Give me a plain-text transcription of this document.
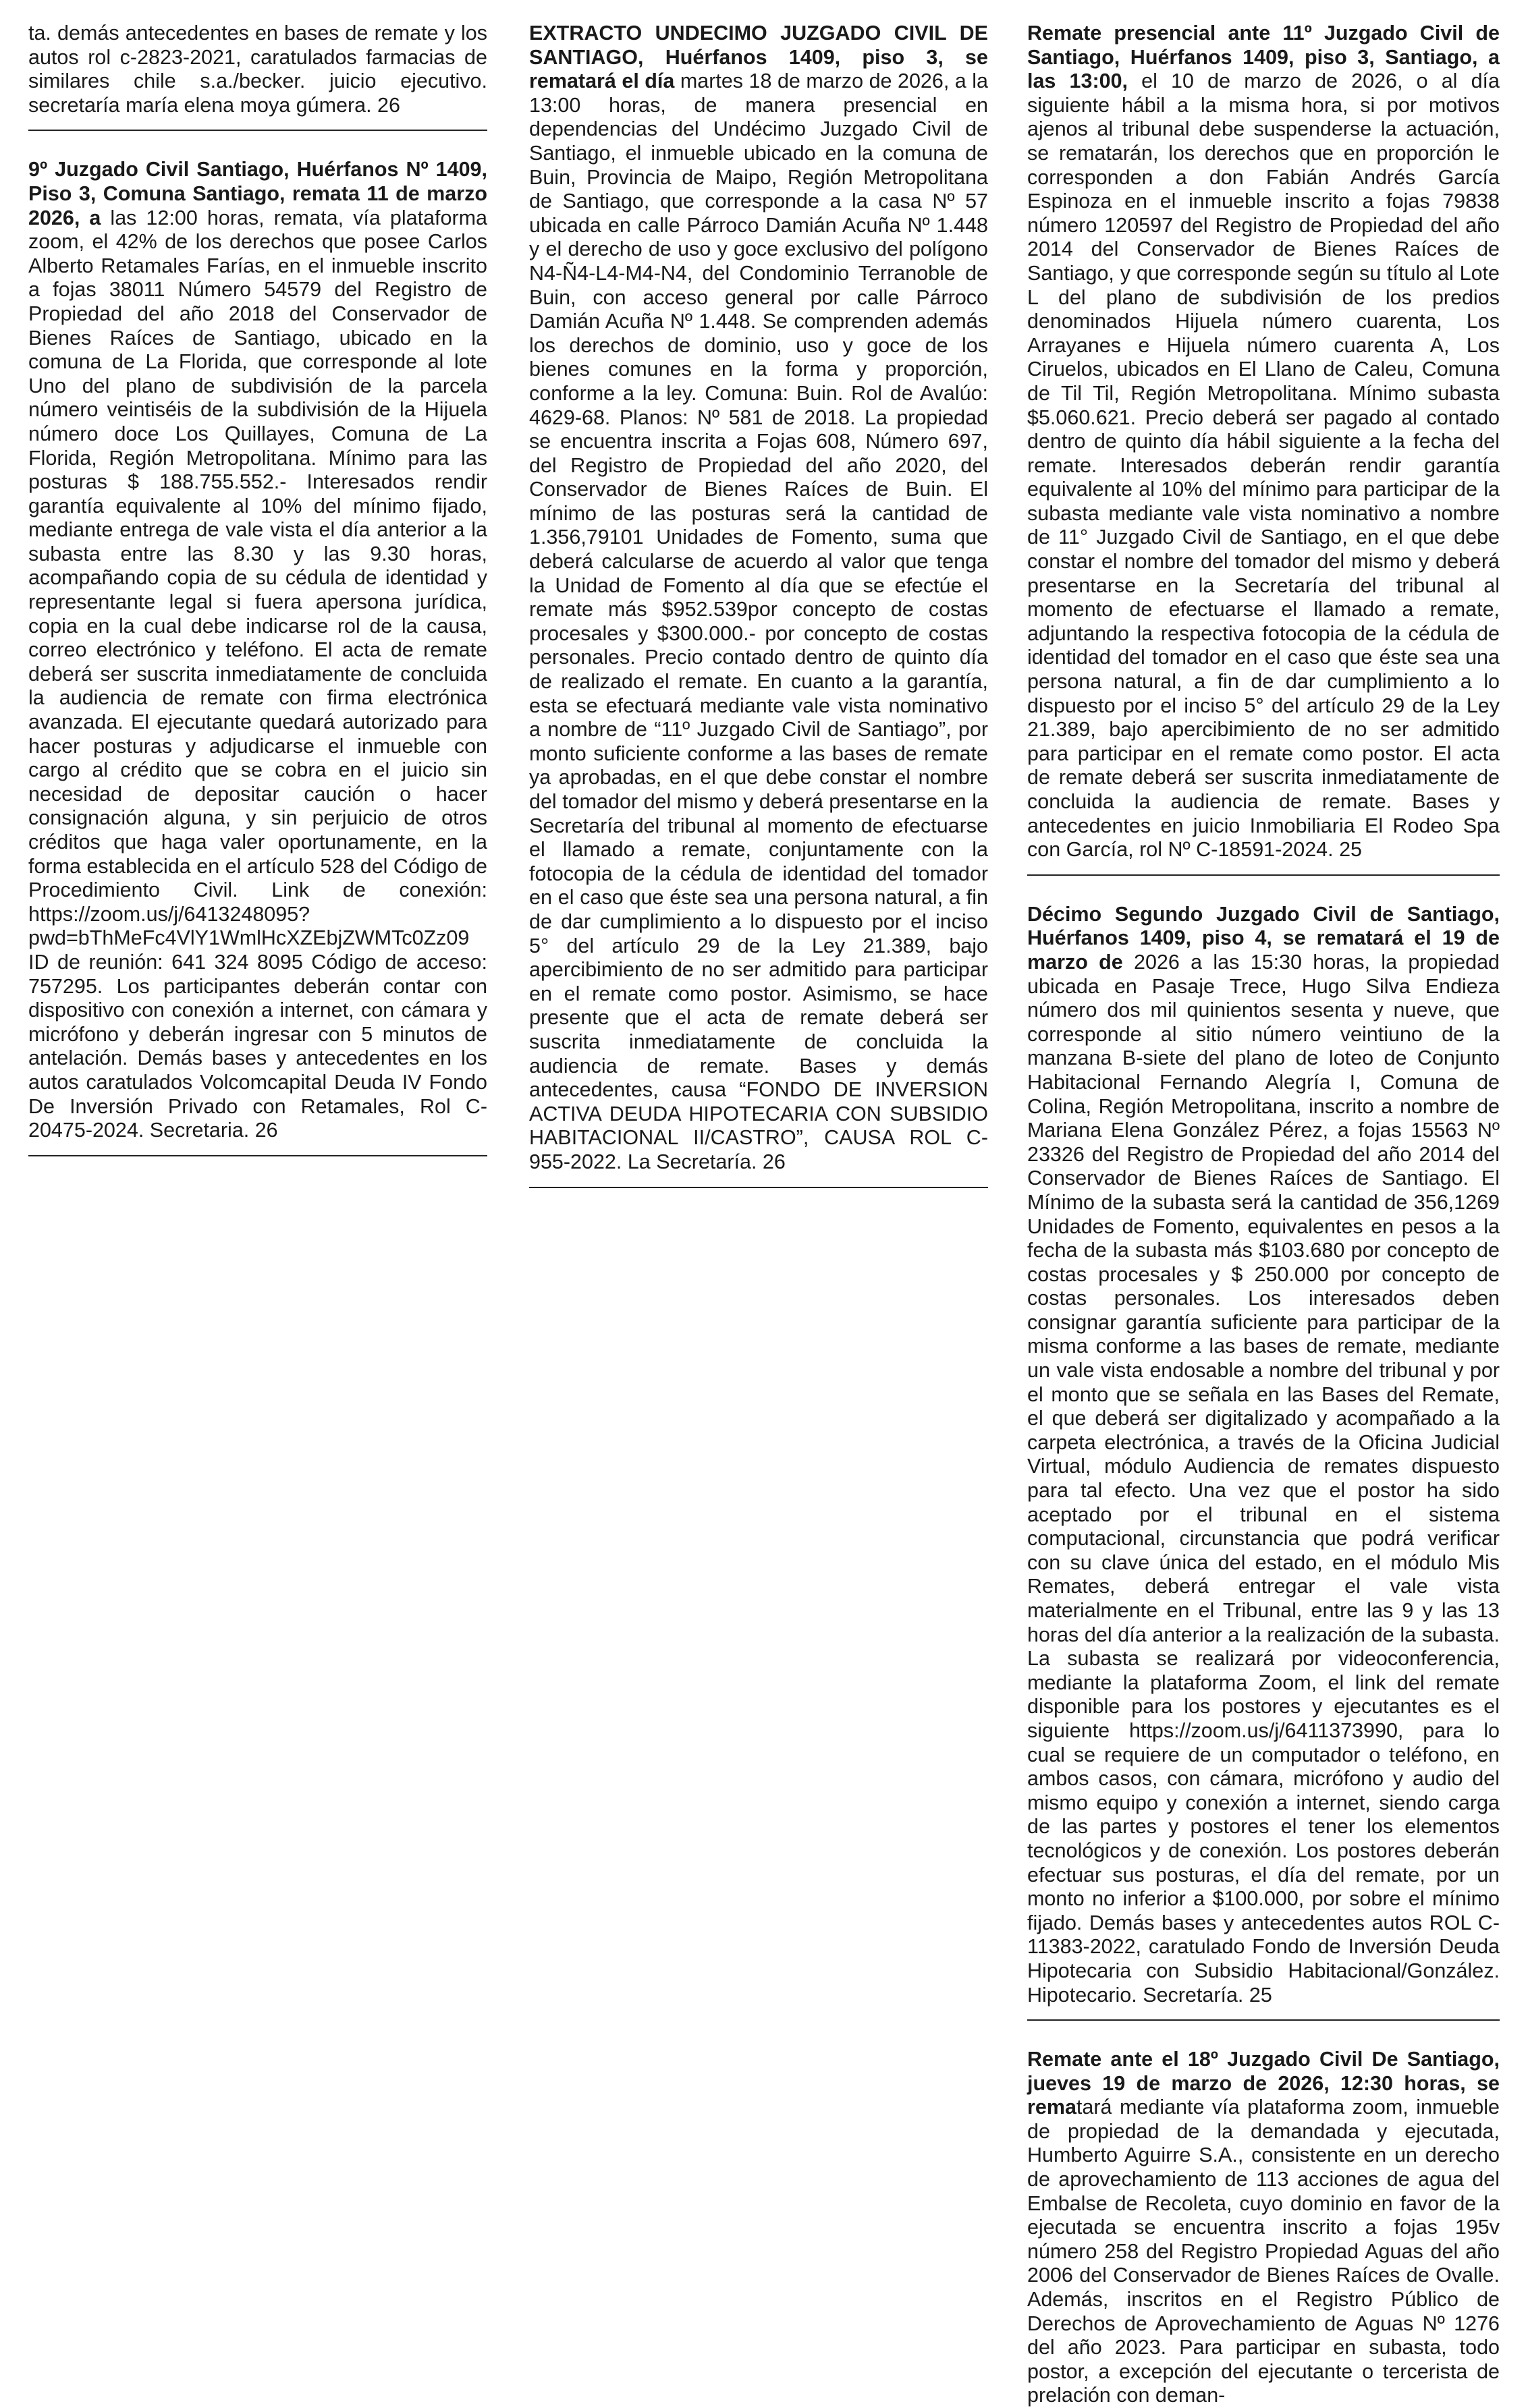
ta. demás antecedentes en bases de remate y los autos rol c-2823-2021, caratulados farmacias de similares chile s.a./becker. juicio ejecutivo. secretaría maría elena moya gúmera. 26

9º Juzgado Civil Santiago, Huérfanos Nº 1409, Piso 3, Comuna Santiago, remata 11 de marzo 2026, a las 12:00 horas, remata, vía plataforma zoom, el 42% de los derechos que posee Carlos Alberto Retamales Farías, en el inmueble inscrito a fojas 38011 Número 54579 del Registro de Propiedad del año 2018 del Conservador de Bienes Raíces de Santiago, ubicado en la comuna de La Florida, que corresponde al lote Uno del plano de subdivisión de la parcela número veintiséis de la subdivisión de la Hijuela número doce Los Quillayes, Comuna de La Florida, Región Metropolitana. Mínimo para las posturas $ 188.755.552.- Interesados rendir garantía equivalente al 10% del mínimo fijado, mediante entrega de vale vista el día anterior a la subasta entre las 8.30 y las 9.30 horas, acompañando copia de su cédula de identidad y representante legal si fuera apersona jurídica, copia en la cual debe indicarse rol de la causa, correo electrónico y teléfono. El acta de remate deberá ser suscrita inmediatamente de concluida la audiencia de remate con firma electrónica avanzada. El ejecutante quedará autorizado para hacer posturas y adjudicarse el inmueble con cargo al crédito que se cobra en el juicio sin necesidad de depositar caución o hacer consignación alguna, y sin perjuicio de otros créditos que haga valer oportunamente, en la forma establecida en el artículo 528 del Código de Procedimiento Civil. Link de conexión: https://zoom.us/j/6413248095?pwd=bThMeFc4VlY1WmlHcXZEbjZWMTc0Zz09 ID de reunión: 641 324 8095 Código de acceso: 757295. Los participantes deberán contar con dispositivo con conexión a internet, con cámara y micrófono y deberán ingresar con 5 minutos de antelación. Demás bases y antecedentes en los autos caratulados Volcomcapital Deuda IV Fondo De Inversión Privado con Retamales, Rol C-20475-2024. Secretaria. 26

EXTRACTO UNDECIMO JUZGADO CIVIL DE SANTIAGO, Huérfanos 1409, piso 3, se rematará el día martes 18 de marzo de 2026, a la 13:00 horas, de manera presencial en dependencias del Undécimo Juzgado Civil de Santiago, el inmueble ubicado en la comuna de Buin, Provincia de Maipo, Región Metropolitana de Santiago, que corresponde a la casa Nº 57 ubicada en calle Párroco Damián Acuña Nº 1.448 y el derecho de uso y goce exclusivo del polígono N4-Ñ4-L4-M4-N4, del Condominio Terranoble de Buin, con acceso general por calle Párroco Damián Acuña Nº 1.448. Se comprenden además los derechos de dominio, uso y goce de los bienes comunes en la forma y proporción, conforme a la ley. Comuna: Buin. Rol de Avalúo: 4629-68. Planos: Nº 581 de 2018. La propiedad se encuentra inscrita a Fojas 608, Número 697, del Registro de Propiedad del año 2020, del Conservador de Bienes Raíces de Buin. El mínimo de las posturas será la cantidad de 1.356,79101 Unidades de Fomento, suma que deberá calcularse de acuerdo al valor que tenga la Unidad de Fomento al día que se efectúe el remate más $952.539por concepto de costas procesales y $300.000.- por concepto de costas personales. Precio contado dentro de quinto día de realizado el remate. En cuanto a la garantía, esta se efectuará mediante vale vista nominativo a nombre de “11º Juzgado Civil de Santiago”, por monto suficiente conforme a las bases de remate ya aprobadas, en el que debe constar el nombre del tomador del mismo y deberá presentarse en la Secretaría del tribunal al momento de efectuarse el llamado a remate, conjuntamente con la fotocopia de la cédula de identidad del tomador en el caso que éste sea una persona natural, a fin de dar cumplimiento a lo dispuesto por el inciso 5° del artículo 29 de la Ley 21.389, bajo apercibimiento de no ser admitido para participar en el remate como postor. Asimismo, se hace presente que el acta de remate deberá ser suscrita inmediatamente de concluida la audiencia de remate. Bases y demás antecedentes, causa “FONDO DE INVERSION ACTIVA DEUDA HIPOTECARIA CON SUBSIDIO HABITACIONAL II/CASTRO”, CAUSA ROL C-955-2022. La Secretaría. 26

Remate presencial ante 11º Juzgado Civil de Santiago, Huérfanos 1409, piso 3, Santiago, a las 13:00, el 10 de marzo de 2026, o al día siguiente hábil a la misma hora, si por motivos ajenos al tribunal debe suspenderse la actuación, se rematarán, los derechos que en proporción le corresponden a don Fabián Andrés García Espinoza en el inmueble inscrito a fojas 79838 número 120597 del Registro de Propiedad del año 2014 del Conservador de Bienes Raíces de Santiago, y que corresponde según su título al Lote L del plano de subdivisión de los predios denominados Hijuela número cuarenta, Los Arrayanes e Hijuela número cuarenta A, Los Ciruelos, ubicados en El Llano de Caleu, Comuna de Til Til, Región Metropolitana. Mínimo subasta $5.060.621. Precio deberá ser pagado al contado dentro de quinto día hábil siguiente a la fecha del remate. Interesados deberán rendir garantía equivalente al 10% del mínimo para participar de la subasta mediante vale vista nominativo a nombre de 11° Juzgado Civil de Santiago, en el que debe constar el nombre del tomador del mismo y deberá presentarse en la Secretaría del tribunal al momento de efectuarse el llamado a remate, adjuntando la respectiva fotocopia de la cédula de identidad del tomador en el caso que éste sea una persona natural, a fin de dar cumplimiento a lo dispuesto por el inciso 5° del artículo 29 de la Ley 21.389, bajo apercibimiento de no ser admitido para participar en el remate como postor. El acta de remate deberá ser suscrita inmediatamente de concluida la audiencia de remate. Bases y antecedentes en juicio Inmobiliaria El Rodeo Spa con García, rol Nº C-18591-2024. 25

Décimo Segundo Juzgado Civil de Santiago, Huérfanos 1409, piso 4, se rematará el 19 de marzo de 2026 a las 15:30 horas, la propiedad ubicada en Pasaje Trece, Hugo Silva Endieza número dos mil quinientos sesenta y nueve, que corresponde al sitio número veintiuno de la manzana B-siete del plano de loteo de Conjunto Habitacional Fernando Alegría I, Comuna de Colina, Región Metropolitana, inscrito a nombre de Mariana Elena González Pérez, a fojas 15563 Nº 23326 del Registro de Propiedad del año 2014 del Conservador de Bienes Raíces de Santiago. El Mínimo de la subasta será la cantidad de 356,1269 Unidades de Fomento, equivalentes en pesos a la fecha de la subasta más $103.680 por concepto de costas procesales y $ 250.000 por concepto de costas personales. Los interesados deben consignar garantía suficiente para participar de la misma conforme a las bases de remate, mediante un vale vista endosable a nombre del tribunal y por el monto que se señala en las Bases del Remate, el que deberá ser digitalizado y acompañado a la carpeta electrónica, a través de la Oficina Judicial Virtual, módulo Audiencia de remates dispuesto para tal efecto. Una vez que el postor ha sido aceptado por el tribunal en el sistema computacional, circunstancia que podrá verificar con su clave única del estado, en el módulo Mis Remates, deberá entregar el vale vista materialmente en el Tribunal, entre las 9 y las 13 horas del día anterior a la realización de la subasta. La subasta se realizará por videoconferencia, mediante la plataforma Zoom, el link del remate disponible para los postores y ejecutantes es el siguiente https://zoom.us/j/6411373990, para lo cual se requiere de un computador o teléfono, en ambos casos, con cámara, micrófono y audio del mismo equipo y conexión a internet, siendo carga de las partes y postores el tener los elementos tecnológicos y de conexión. Los postores deberán efectuar sus posturas, el día del remate, por un monto no inferior a $100.000, por sobre el mínimo fijado. Demás bases y antecedentes autos ROL C-11383-2022, caratulado Fondo de Inversión Deuda Hipotecaria con Subsidio Habitacional/González. Hipotecario. Secretaría. 25

Remate ante el 18º Juzgado Civil De Santiago, jueves 19 de marzo de 2026, 12:30 horas, se rematará mediante vía plataforma zoom, inmueble de propiedad de la demandada y ejecutada, Humberto Aguirre S.A., consistente en un derecho de aprovechamiento de 113 acciones de agua del Embalse de Recoleta, cuyo dominio en favor de la ejecutada se encuentra inscrito a fojas 195v número 258 del Registro Propiedad Aguas del año 2006 del Conservador de Bienes Raíces de Ovalle. Además, inscritos en el Registro Público de Derechos de Aprovechamiento de Aguas Nº 1276 del año 2023. Para participar en subasta, todo postor, a excepción del ejecutante o tercerista de prelación con deman-
